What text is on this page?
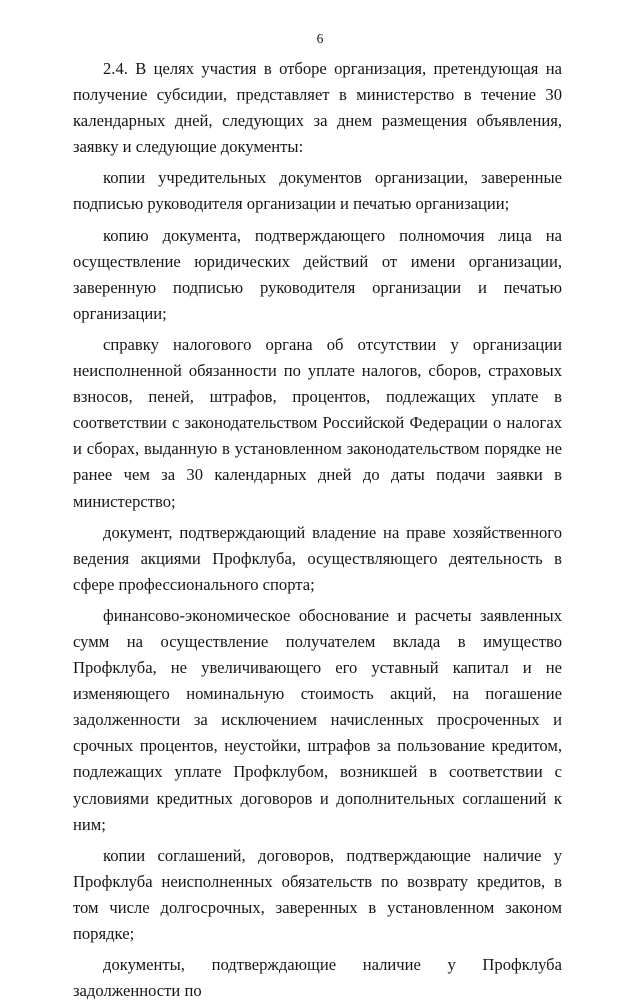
6

2.4. В целях участия в отборе организация, претендующая на получение субсидии, представляет в министерство в течение 30 календарных дней, следующих за днем размещения объявления, заявку и следующие документы:

копии учредительных документов организации, заверенные подписью руководителя организации и печатью организации;

копию документа, подтверждающего полномочия лица на осуществление юридических действий от имени организации, заверенную подписью руководителя организации и печатью организации;

справку налогового органа об отсутствии у организации неисполненной обязанности по уплате налогов, сборов, страховых взносов, пеней, штрафов, процентов, подлежащих уплате в соответствии с законодательством Российской Федерации о налогах и сборах, выданную в установленном законодательством порядке не ранее чем за 30 календарных дней до даты подачи заявки в министерство;

документ, подтверждающий владение на праве хозяйственного ведения акциями Профклуба, осуществляющего деятельность в сфере профессионального спорта;

финансово-экономическое обоснование и расчеты заявленных сумм на осуществление получателем вклада в имущество Профклуба, не увеличивающего его уставный капитал и не изменяющего номинальную стоимость акций, на погашение задолженности за исключением начисленных просроченных и срочных процентов, неустойки, штрафов за пользование кредитом, подлежащих уплате Профклубом, возникшей в соответствии с условиями кредитных договоров и дополнительных соглашений к ним;

копии соглашений, договоров, подтверждающие наличие у Профклуба неисполненных обязательств по возврату кредитов, в том числе долгосрочных, заверенных в установленном законом порядке;

документы, подтверждающие наличие у Профклуба задолженности по
